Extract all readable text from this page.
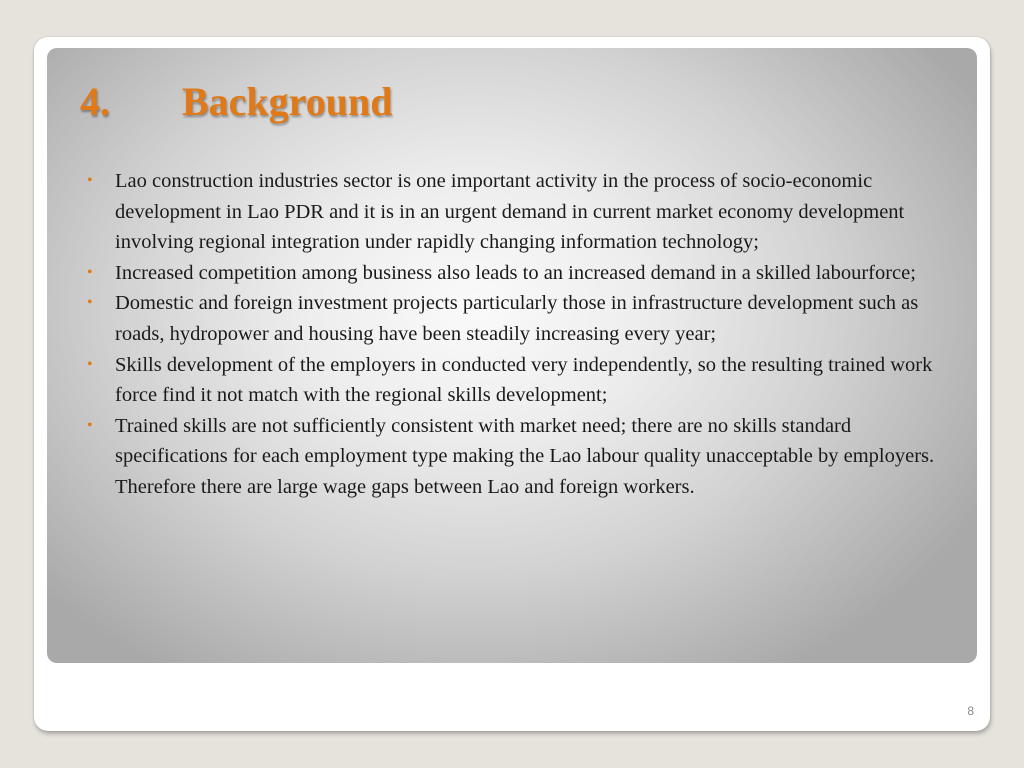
4. Background
• Lao construction industries sector is one important activity in the process of socio-economic development in Lao PDR and it is in an urgent demand in current market economy development involving regional integration under rapidly changing information technology;
• Increased competition among business also leads to an increased demand in a skilled labourforce;
• Domestic and foreign investment projects particularly those in infrastructure development such as roads, hydropower and housing have been steadily increasing every year;
• Skills development of the employers in conducted very independently, so the resulting trained work force find it not match with the regional skills development;
• Trained skills are not sufficiently consistent with market need; there are no skills standard specifications for each employment type making the Lao labour quality unacceptable by employers. Therefore there are large wage gaps between Lao and foreign workers.
8
